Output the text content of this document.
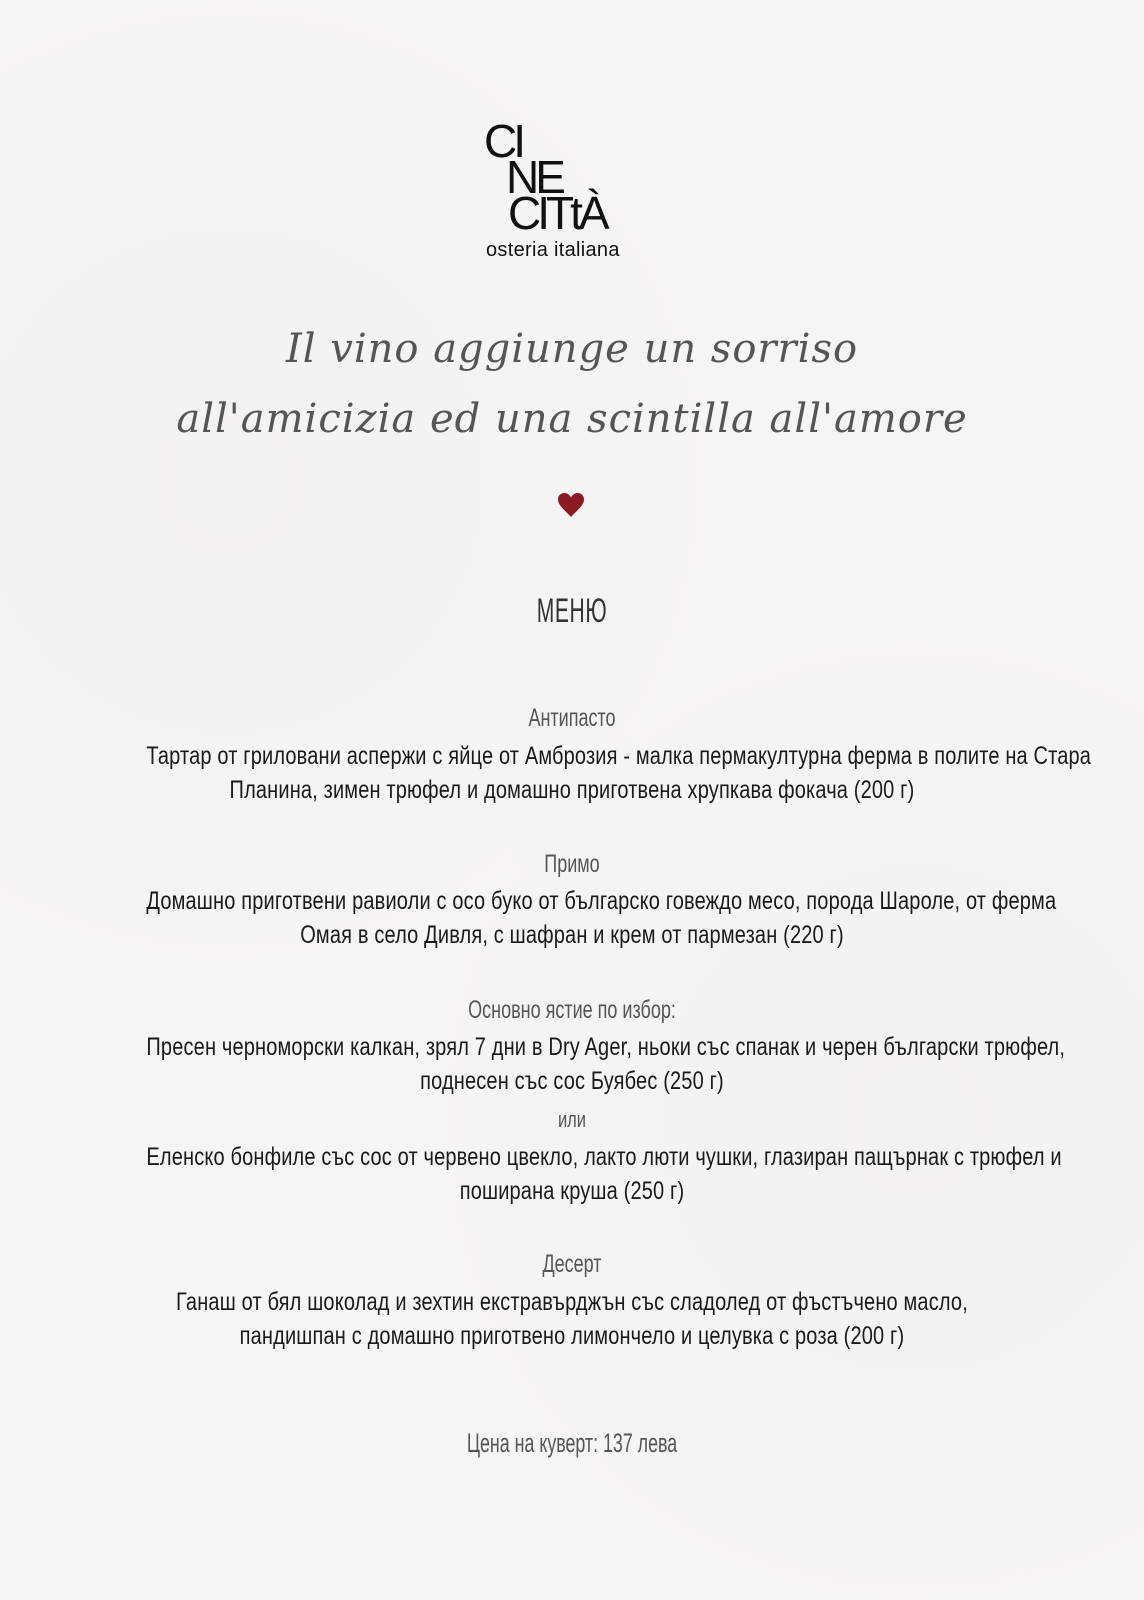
CI
NE
CITtÀ
osteria italiana
Il vino aggiunge un sorriso
all'amicizia ed una scintilla all'amore
МЕНЮ
Антипасто
Тартар от гриловани аспержи с яйце от Амброзия - малка пермакултурна ферма в полите на Стара
Планина, зимен трюфел и домашно приготвена хрупкава фокача (200 г)
Примо
Домашно приготвени равиоли с осо буко от българско говеждо месо, порода Шароле, от ферма
Омая в село Дивля, с шафран и крем от пармезан (220 г)
Основно ястие по избор:
Пресен черноморски калкан, зрял 7 дни в Dry Ager, ньоки със спанак и черен български трюфел,
поднесен със сос Буябес (250 г)
или
Еленско бонфиле със сос от червено цвекло, лакто люти чушки, глазиран пащърнак с трюфел и
поширана круша (250 г)
Десерт
Ганаш от бял шоколад и зехтин екстравърджън със сладолед от фъстъчено масло,
пандишпан с домашно приготвено лимончело и целувка с роза (200 г)
Цена на куверт: 137 лева
